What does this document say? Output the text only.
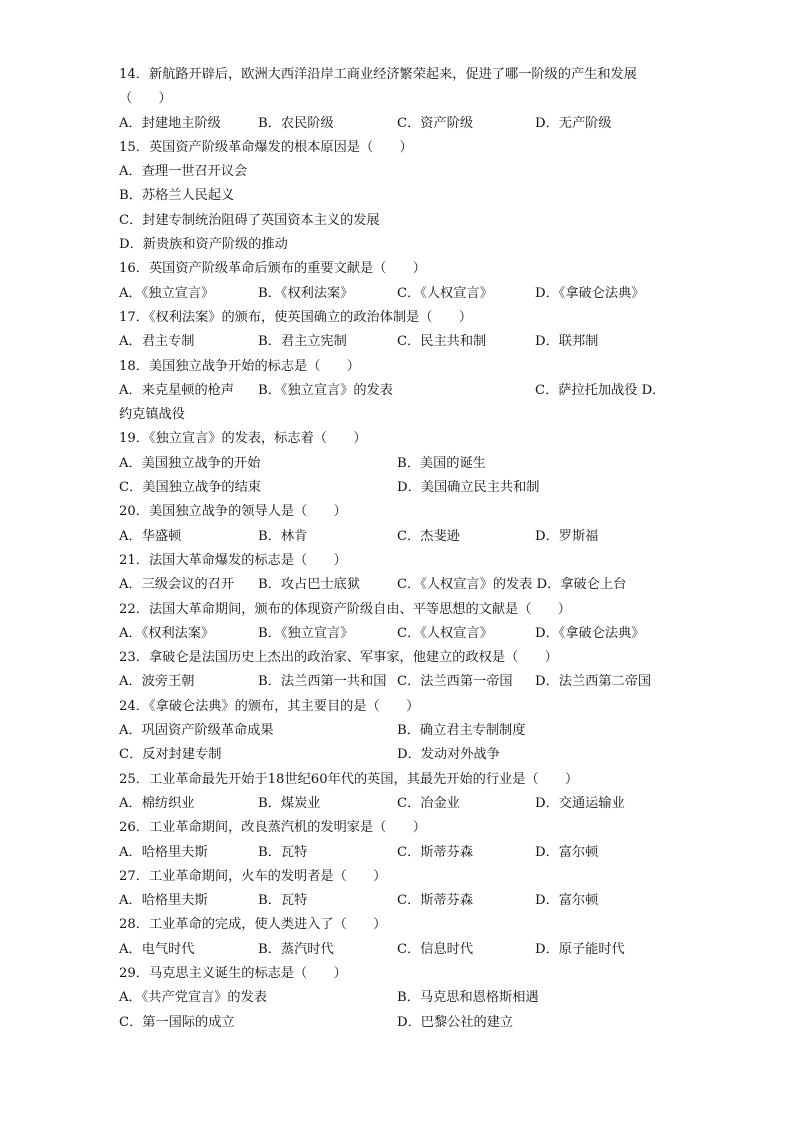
14．新航路开辟后，欧洲大西洋沿岸工商业经济繁荣起来，促进了哪一阶级的产生和发展
（　　）
A．封建地主阶级	B．农民阶级	C．资产阶级	D．无产阶级
15．英国资产阶级革命爆发的根本原因是（　　）
A．查理一世召开议会
B．苏格兰人民起义
C．封建专制统治阻碍了英国资本主义的发展
D．新贵族和资产阶级的推动
16．英国资产阶级革命后颁布的重要文献是（　　）
A．《独立宣言》	B．《权利法案》	C．《人权宣言》	D．《拿破仑法典》
17．《权利法案》的颁布，使英国确立的政治体制是（　　）
A．君主专制	B．君主立宪制	C．民主共和制	D．联邦制
18．美国独立战争开始的标志是（　　）
A．来克星顿的枪声 B．《独立宣言》的发表	C．萨拉托加战役 D．
约克镇战役
19．《独立宣言》的发表，标志着（　　）
A．美国独立战争的开始	B．美国的诞生
C．美国独立战争的结束	D．美国确立民主共和制
20．美国独立战争的领导人是（　　）
A．华盛顿	B．林肯	C．杰斐逊	D．罗斯福
21．法国大革命爆发的标志是（　　）
A．三级会议的召开 B．攻占巴士底狱	C．《人权宣言》的发表 D．拿破仑上台
22．法国大革命期间，颁布的体现资产阶级自由、平等思想的文献是（　　）
A．《权利法案》	B．《独立宣言》	C．《人权宣言》	D．《拿破仑法典》
23．拿破仑是法国历史上杰出的政治家、军事家，他建立的政权是（　　）
A．波旁王朝	B．法兰西第一共和国 C．法兰西第一帝国 D．法兰西第二帝国
24．《拿破仑法典》的颁布，其主要目的是（　　）
A．巩固资产阶级革命成果	B．确立君主专制制度
C．反对封建专制	D．发动对外战争
25．工业革命最先开始于18世纪60年代的英国，其最先开始的行业是（　　）
A．棉纺织业	B．煤炭业	C．冶金业	D．交通运输业
26．工业革命期间，改良蒸汽机的发明家是（　　）
A．哈格里夫斯	B．瓦特	C．斯蒂芬森	D．富尔顿
27．工业革命期间，火车的发明者是（　　）
A．哈格里夫斯	B．瓦特	C．斯蒂芬森	D．富尔顿
28．工业革命的完成，使人类进入了（　　）
A．电气时代	B．蒸汽时代	C．信息时代	D．原子能时代
29．马克思主义诞生的标志是（　　）
A．《共产党宣言》的发表	B．马克思和恩格斯相遇
C．第一国际的成立	D．巴黎公社的建立
